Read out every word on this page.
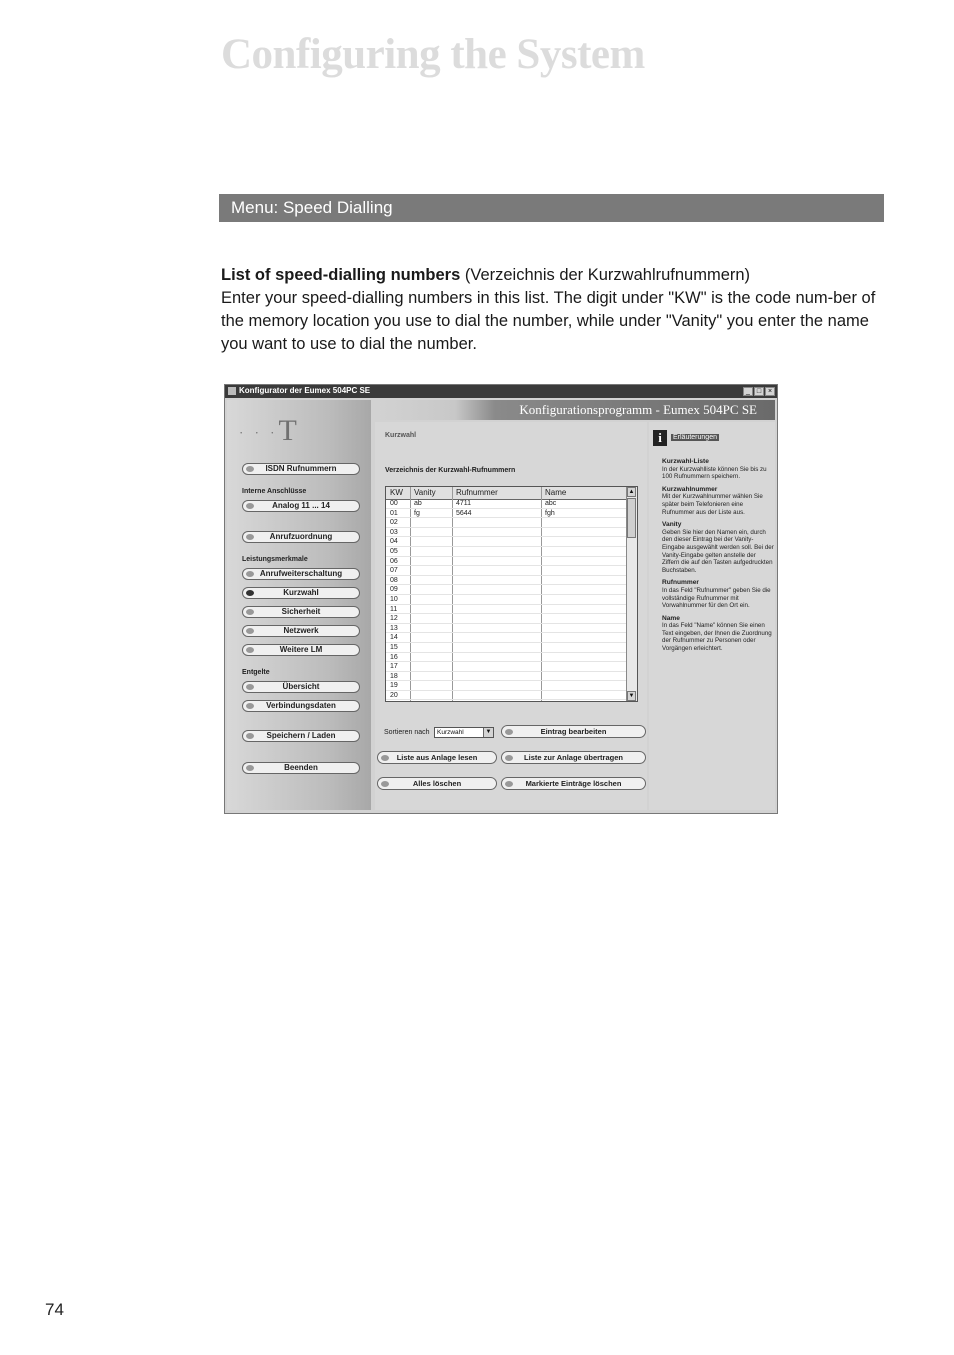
Configuring the System
Menu: Speed Dialling
List of speed-dialling numbers (Verzeichnis der Kurzwahlrufnummern)
Enter your speed-dialling numbers in this list. The digit under "KW" is the code num-ber of the memory location you use to dial the number, while under "Vanity" you enter the name you want to use to dial the number.
Konfigurator der Eumex 504PC SE	_ □ ×
· · ·T
ISDN Rufnummern
Interne Anschlüsse
Analog 11 ... 14
Anrufzuordnung
Leistungsmerkmale
Anrufweiterschaltung
Kurzwahl
Sicherheit
Netzwerk
Weitere LM
Entgelte
Übersicht
Verbindungsdaten
Speichern / Laden
Beenden
Konfigurationsprogramm - Eumex 504PC SE
Kurzwahl
Verzeichnis der Kurzwahl-Rufnummern
KW Vanity	Rufnummer	Name
00 ab	4711	abc
01 fg	5644	fgh
02
03
04
05
06
07
08
09
10
11
12
13
14
15
16
17
18
19
20
▲
▼
Sortieren nach	Kurzwahl	▼	Eintrag bearbeiten
Liste aus Anlage lesen	Liste zur Anlage übertragen
Alles löschen	Markierte Einträge löschen
i	Erläuterungen
Kurzwahl-Liste
In der Kurzwahlliste können Sie bis zu 100 Rufnummern speichern.
Kurzwahlnummer
Mit der Kurzwahlnummer wählen Sie später beim Telefonieren eine Rufnummer aus der Liste aus.
Vanity
Geben Sie hier den Namen ein, durch den dieser Eintrag bei der Vanity-Eingabe ausgewählt werden soll. Bei der Vanity-Eingabe gelten anstelle der Ziffern die auf den Tasten aufgedruckten Buchstaben.
Rufnummer
In das Feld "Rufnummer" geben Sie die vollständige Rufnummer mit Vorwahlnummer für den Ort ein.
Name
In das Feld "Name" können Sie einen Text eingeben, der Ihnen die Zuordnung der Rufnummer zu Personen oder Vorgängen erleichtert.
74
